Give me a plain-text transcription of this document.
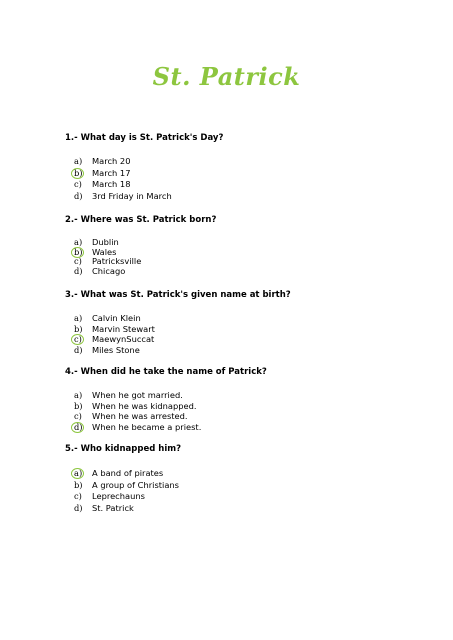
St. Patrick
1.- What day is St. Patrick's Day?
a) March 20
b) March 17
c) March 18
d) 3rd Friday in March
2.- Where was St. Patrick born?
a) Dublin
b) Wales
c) Patricksville
d) Chicago
3.- What was St. Patrick's given name at birth?
a) Calvin Klein
b) Marvin Stewart
c) MaewynSuccat
d) Miles Stone
4.- When did he take the name of Patrick?
a) When he got married.
b) When he was kidnapped.
c) When he was arrested.
d) When he became a priest.
5.- Who kidnapped him?
a) A band of pirates
b) A group of Christians
c) Leprechauns
d) St. Patrick
